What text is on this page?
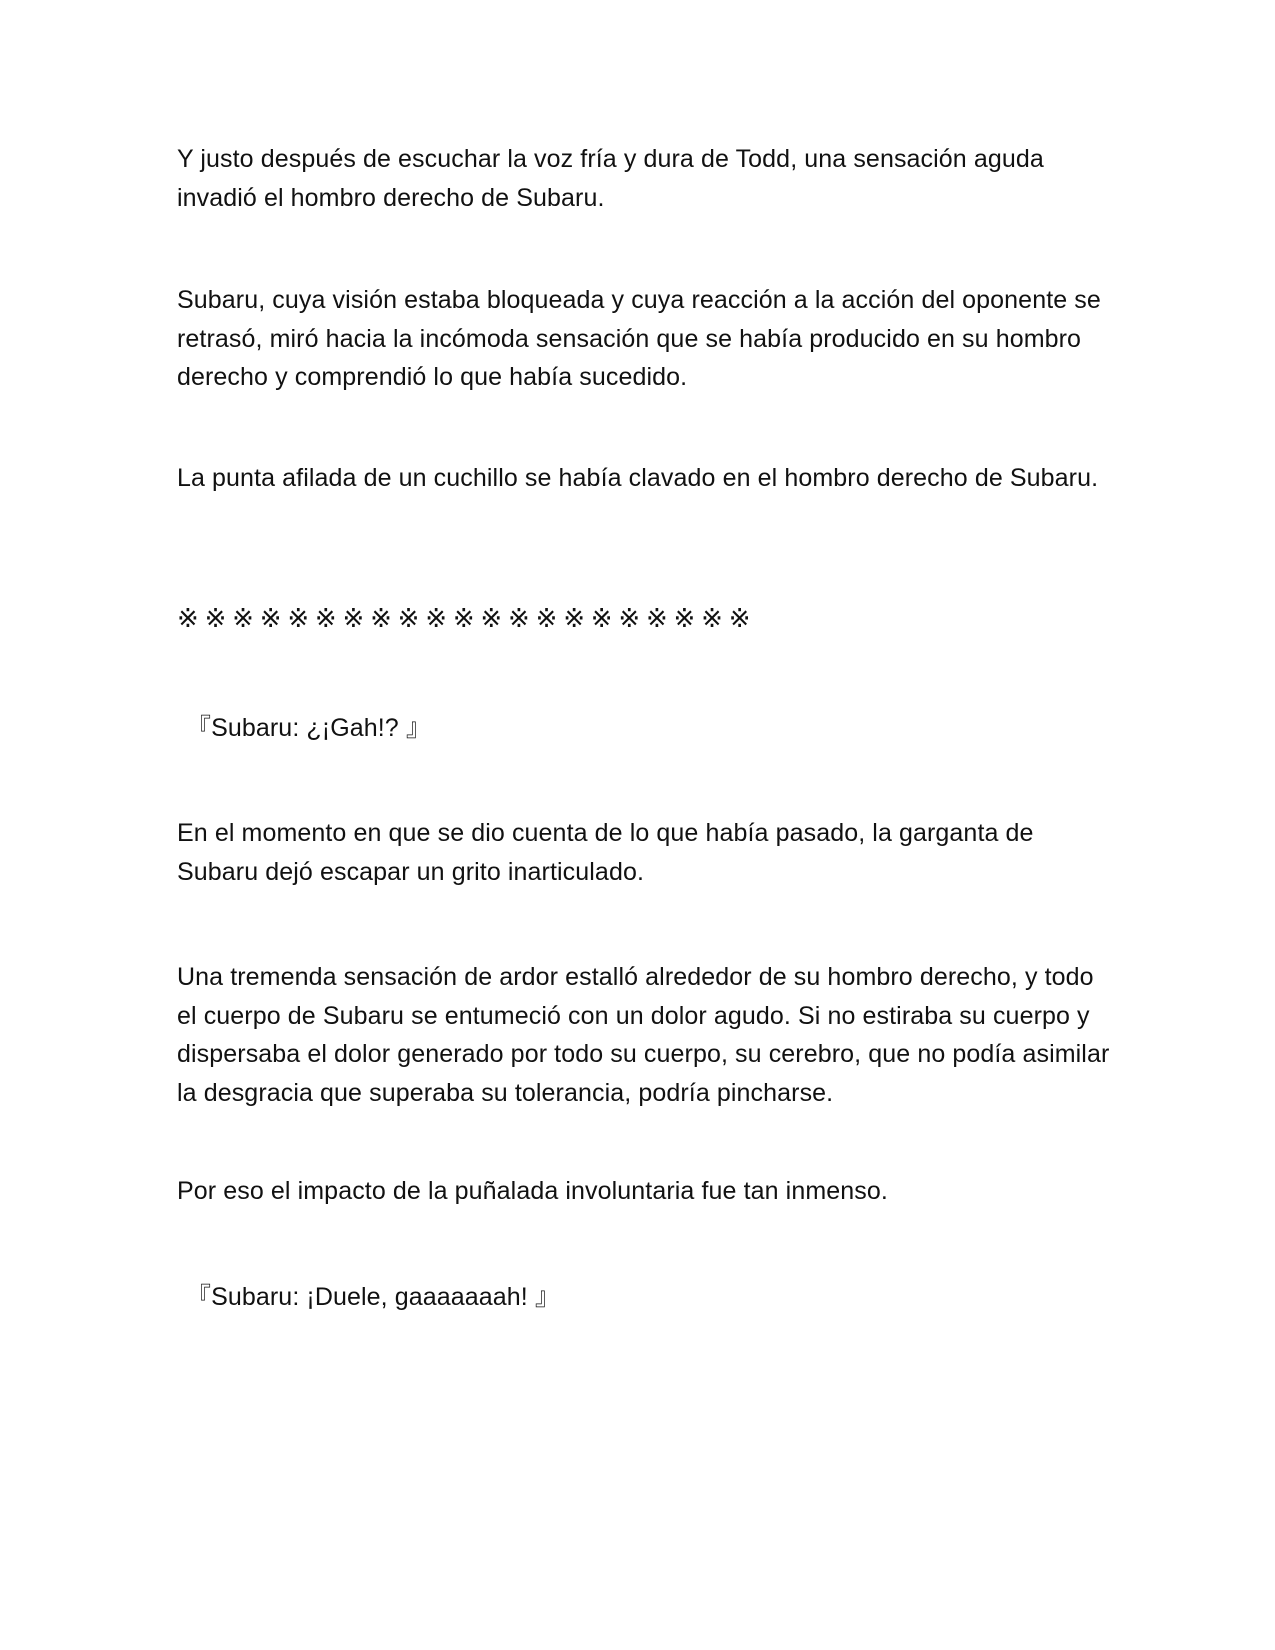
Y justo después de escuchar la voz fría y dura de Todd, una sensación aguda invadió el hombro derecho de Subaru.

Subaru, cuya visión estaba bloqueada y cuya reacción a la acción del oponente se retrasó, miró hacia la incómoda sensación que se había producido en su hombro derecho y comprendió lo que había sucedido.

La punta afilada de un cuchillo se había clavado en el hombro derecho de Subaru.

※※※※※※※※※※※※※※※※※※※※※

『Subaru: ¿¡Gah!? 』

En el momento en que se dio cuenta de lo que había pasado, la garganta de Subaru dejó escapar un grito inarticulado.

Una tremenda sensación de ardor estalló alrededor de su hombro derecho, y todo el cuerpo de Subaru se entumeció con un dolor agudo. Si no estiraba su cuerpo y dispersaba el dolor generado por todo su cuerpo, su cerebro, que no podía asimilar la desgracia que superaba su tolerancia, podría pincharse.

Por eso el impacto de la puñalada involuntaria fue tan inmenso.

『Subaru: ¡Duele, gaaaaaaah! 』
